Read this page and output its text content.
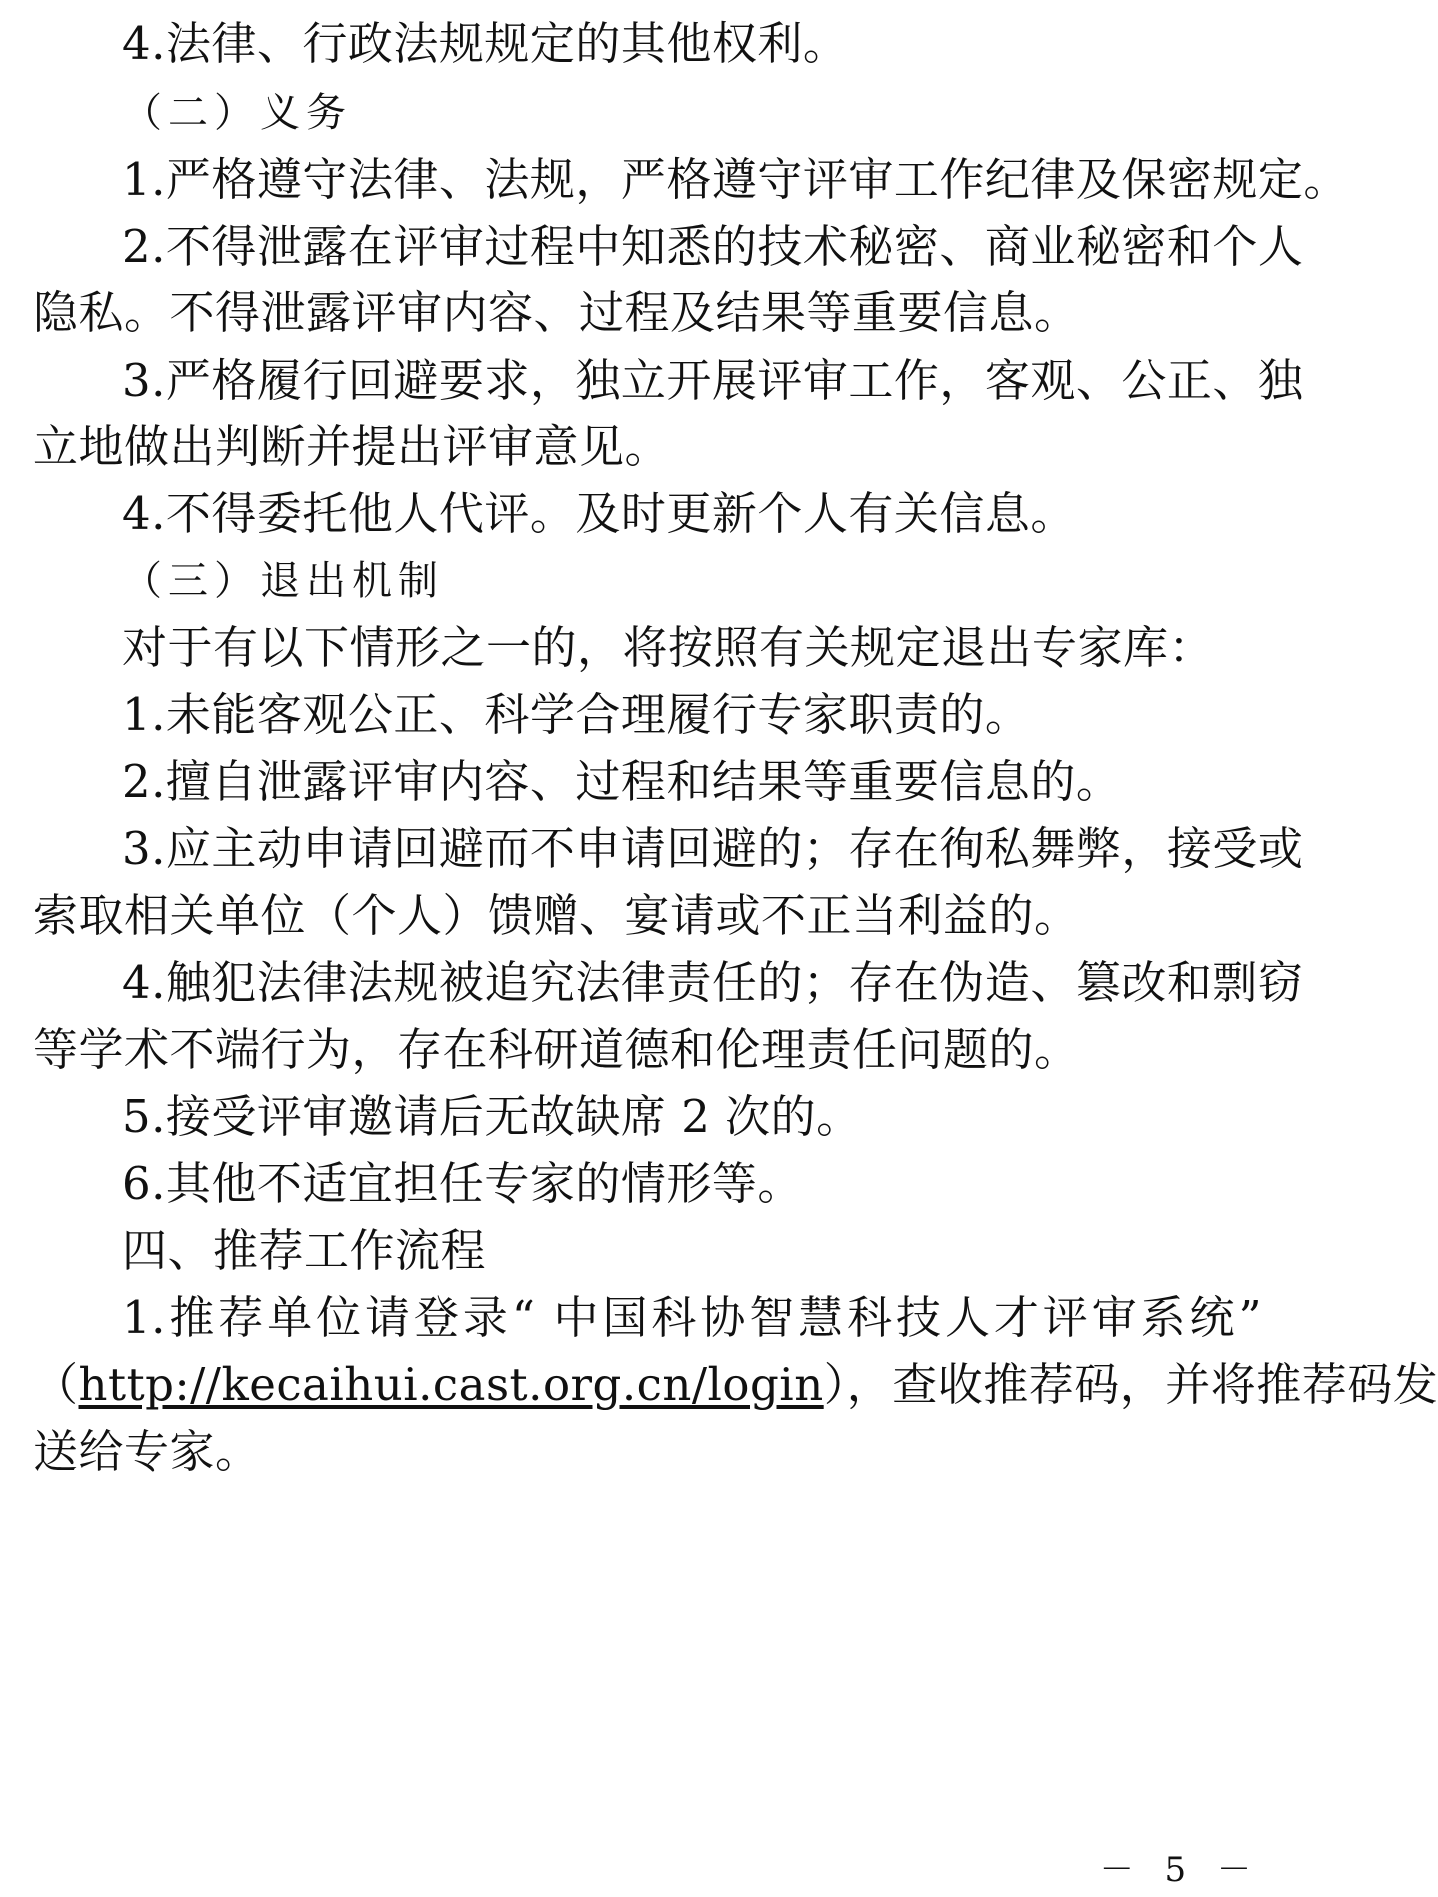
4.法律、行政法规规定的其他权利。
（二）义务
1.严格遵守法律、法规，严格遵守评审工作纪律及保密规定。
2.不得泄露在评审过程中知悉的技术秘密、商业秘密和个人
隐私。不得泄露评审内容、过程及结果等重要信息。
3.严格履行回避要求，独立开展评审工作，客观、公正、独
立地做出判断并提出评审意见。
4.不得委托他人代评。及时更新个人有关信息。
（三）退出机制
对于有以下情形之一的，将按照有关规定退出专家库：
1.未能客观公正、科学合理履行专家职责的。
2.擅自泄露评审内容、过程和结果等重要信息的。
3.应主动申请回避而不申请回避的；存在徇私舞弊，接受或
索取相关单位（个人）馈赠、宴请或不正当利益的。
4.触犯法律法规被追究法律责任的；存在伪造、篡改和剽窃
等学术不端行为，存在科研道德和伦理责任问题的。
5.接受评审邀请后无故缺席 2 次的。
6.其他不适宜担任专家的情形等。
四、推荐工作流程
1.推荐单位请登录“ 中国科协智慧科技人才评审系统”
（http://kecaihui.cast.org.cn/login），查收推荐码，并将推荐码发
送给专家。
－ 5 －
